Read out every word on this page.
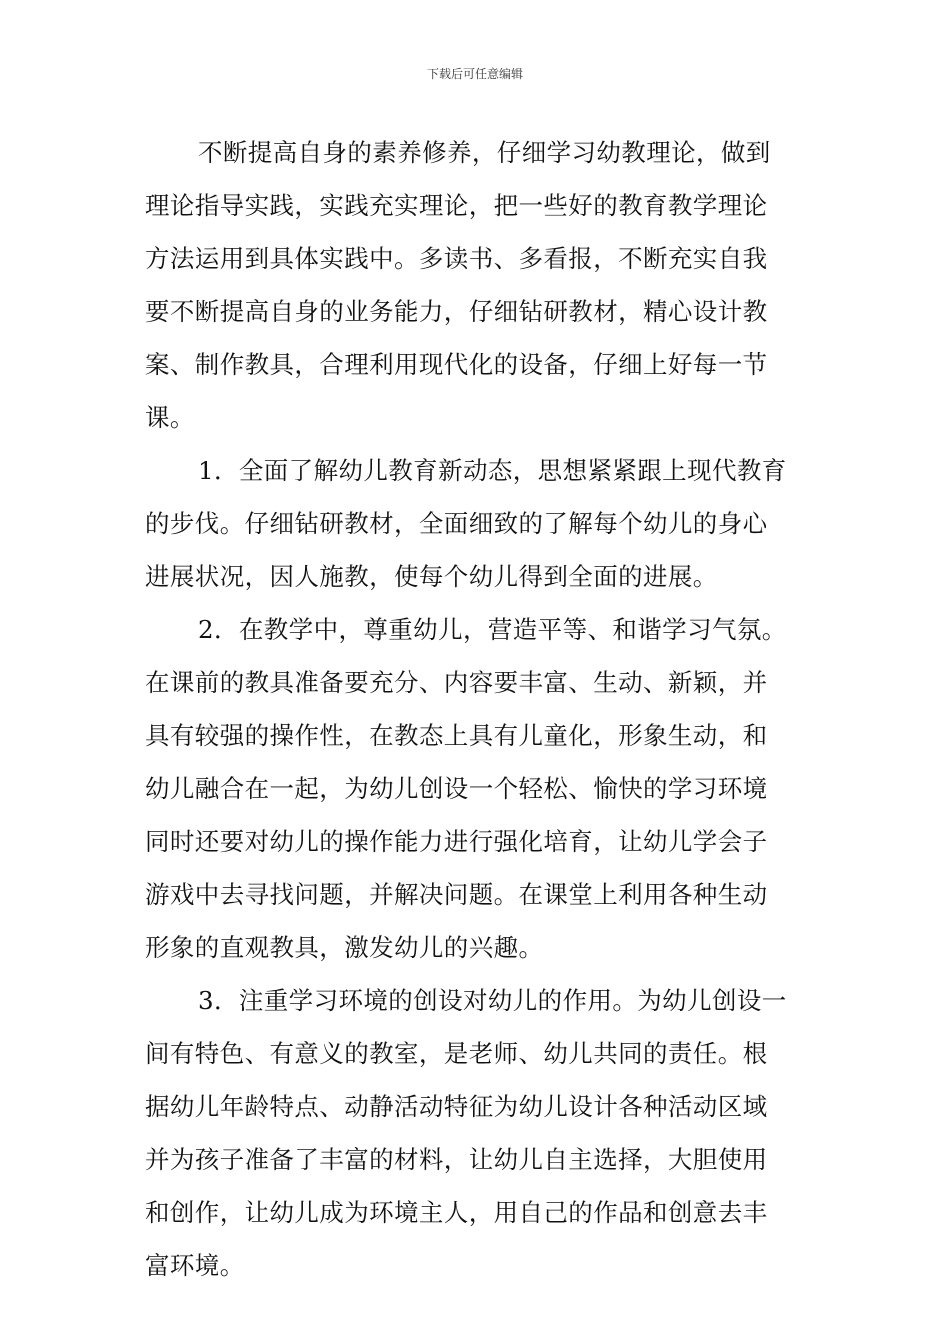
下载后可任意编辑
不断提高自身的素养修养，仔细学习幼教理论，做到
理论指导实践，实践充实理论，把一些好的教育教学理论
方法运用到具体实践中。多读书、多看报，不断充实自我
要不断提高自身的业务能力，仔细钻研教材，精心设计教
案、制作教具，合理利用现代化的设备，仔细上好每一节
课。
1．全面了解幼儿教育新动态，思想紧紧跟上现代教育
的步伐。仔细钻研教材，全面细致的了解每个幼儿的身心
进展状况，因人施教，使每个幼儿得到全面的进展。
2．在教学中，尊重幼儿，营造平等、和谐学习气氛。
在课前的教具准备要充分、内容要丰富、生动、新颖，并
具有较强的操作性，在教态上具有儿童化，形象生动，和
幼儿融合在一起，为幼儿创设一个轻松、愉快的学习环境
同时还要对幼儿的操作能力进行强化培育，让幼儿学会子
游戏中去寻找问题，并解决问题。在课堂上利用各种生动
形象的直观教具，激发幼儿的兴趣。
3．注重学习环境的创设对幼儿的作用。为幼儿创设一
间有特色、有意义的教室，是老师、幼儿共同的责任。根
据幼儿年龄特点、动静活动特征为幼儿设计各种活动区域
并为孩子准备了丰富的材料，让幼儿自主选择，大胆使用
和创作，让幼儿成为环境主人，用自己的作品和创意去丰
富环境。
